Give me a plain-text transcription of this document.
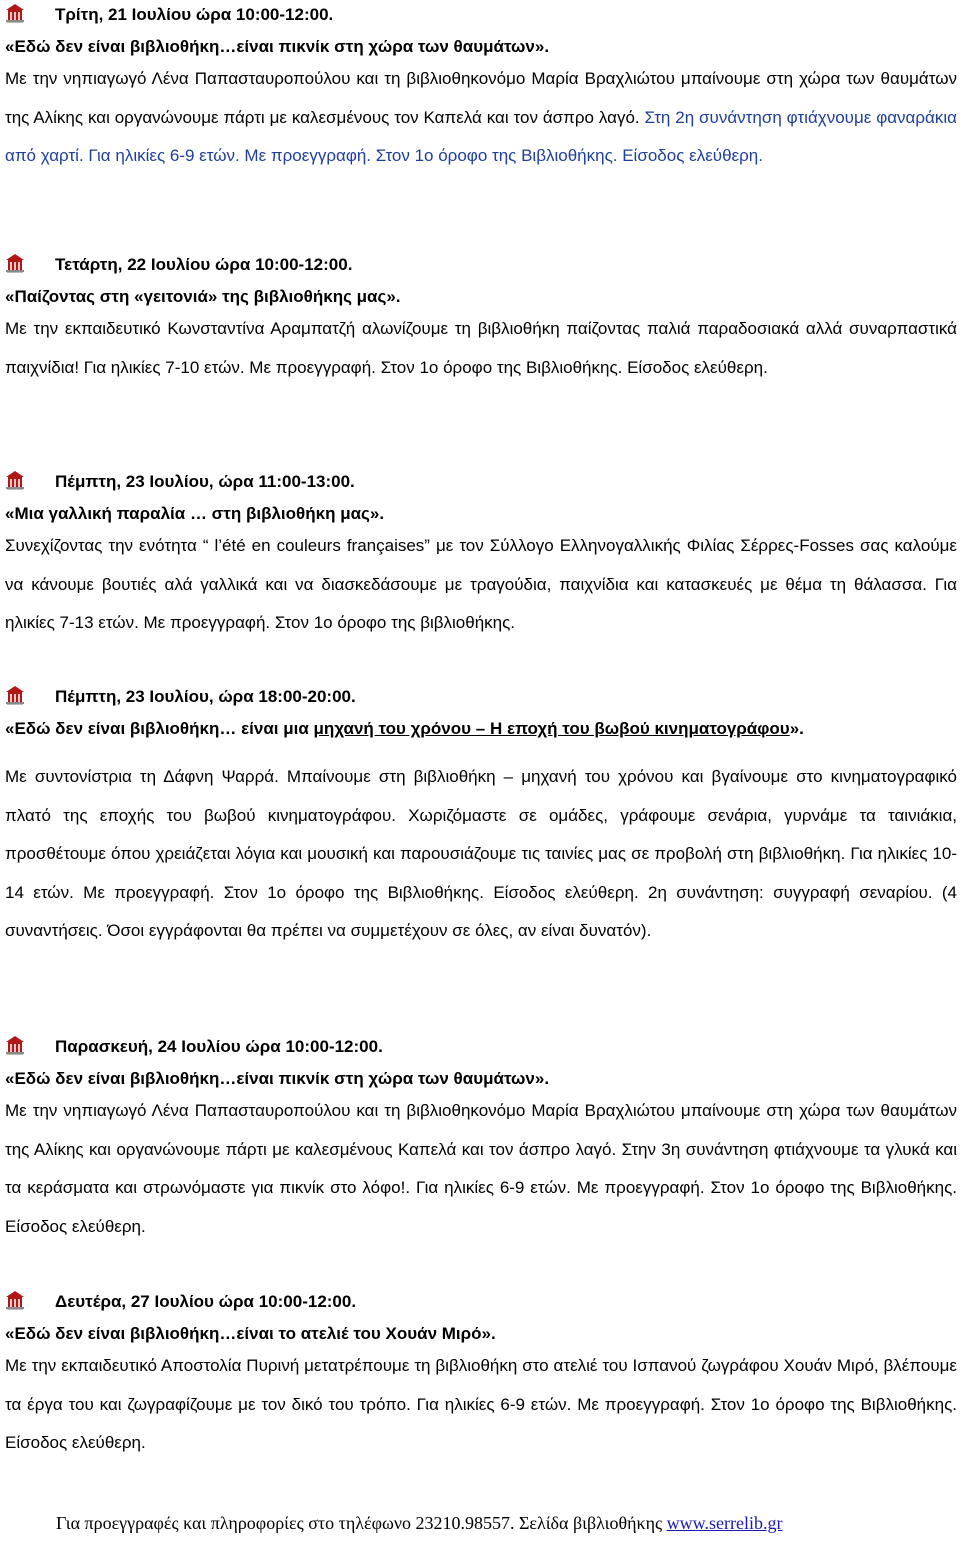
Τρίτη, 21 Ιουλίου ώρα 10:00-12:00.
«Εδώ δεν είναι βιβλιοθήκη…είναι πικνίκ στη χώρα των θαυμάτων».
Με την νηπιαγωγό Λένα Παπασταυροπούλου και τη βιβλιοθηκονόμο Μαρία Βραχλιώτου μπαίνουμε στη χώρα των θαυμάτων της Αλίκης και οργανώνουμε πάρτι με καλεσμένους τον Καπελά και τον άσπρο λαγό. Στη 2η συνάντηση φτιάχνουμε φαναράκια από χαρτί. Για ηλικίες 6-9 ετών. Με προεγγραφή. Στον 1ο όροφο της Βιβλιοθήκης. Είσοδος ελεύθερη.
Τετάρτη, 22 Ιουλίου ώρα 10:00-12:00.
«Παίζοντας στη «γειτονιά» της βιβλιοθήκης μας».
Με την εκπαιδευτικό Κωνσταντίνα Αραμπατζή αλωνίζουμε τη βιβλιοθήκη παίζοντας παλιά παραδοσιακά αλλά συναρπαστικά παιχνίδια! Για ηλικίες 7-10 ετών. Με προεγγραφή. Στον 1ο όροφο της Βιβλιοθήκης. Είσοδος ελεύθερη.
Πέμπτη, 23 Ιουλίου, ώρα 11:00-13:00.
«Μια γαλλική παραλία … στη βιβλιοθήκη μας».
Συνεχίζοντας την ενότητα “ l’été en couleurs françaises” με τον Σύλλογο Ελληνογαλλικής Φιλίας Σέρρες-Fosses σας καλούμε να κάνουμε βουτιές αλά γαλλικά και να διασκεδάσουμε με τραγούδια, παιχνίδια και κατασκευές με θέμα τη θάλασσα. Για ηλικίες 7-13 ετών. Με προεγγραφή. Στον 1ο όροφο της βιβλιοθήκης.
Πέμπτη, 23 Ιουλίου, ώρα 18:00-20:00.
«Εδώ δεν είναι βιβλιοθήκη… είναι μια μηχανή του χρόνου – Η εποχή του βωβού κινηματογράφου».
Με συντονίστρια τη Δάφνη Ψαρρά. Μπαίνουμε στη βιβλιοθήκη – μηχανή του χρόνου και βγαίνουμε στο κινηματογραφικό πλατό της εποχής του βωβού κινηματογράφου. Χωριζόμαστε σε ομάδες, γράφουμε σενάρια, γυρνάμε τα ταινιάκια, προσθέτουμε όπου χρειάζεται λόγια και μουσική και παρουσιάζουμε τις ταινίες μας σε προβολή στη βιβλιοθήκη. Για ηλικίες 10-14 ετών. Με προεγγραφή. Στον 1ο όροφο της Βιβλιοθήκης. Είσοδος ελεύθερη. 2η συνάντηση: συγγραφή σεναρίου. (4 συναντήσεις. Όσοι εγγράφονται θα πρέπει να συμμετέχουν σε όλες, αν είναι δυνατόν).
Παρασκευή, 24 Ιουλίου ώρα 10:00-12:00.
«Εδώ δεν είναι βιβλιοθήκη…είναι πικνίκ στη χώρα των θαυμάτων».
Με την νηπιαγωγό Λένα Παπασταυροπούλου και τη βιβλιοθηκονόμο Μαρία Βραχλιώτου μπαίνουμε στη χώρα των θαυμάτων της Αλίκης και οργανώνουμε πάρτι με καλεσμένους Καπελά και τον άσπρο λαγό. Στην 3η συνάντηση φτιάχνουμε τα γλυκά και τα κεράσματα και στρωνόμαστε για πικνίκ στο λόφο!. Για ηλικίες 6-9 ετών. Με προεγγραφή. Στον 1ο όροφο της Βιβλιοθήκης. Είσοδος ελεύθερη.
Δευτέρα, 27 Ιουλίου ώρα 10:00-12:00.
«Εδώ δεν είναι βιβλιοθήκη…είναι το ατελιέ του Χουάν Μιρό».
Με την εκπαιδευτικό Αποστολία Πυρινή μετατρέπουμε τη βιβλιοθήκη στο ατελιέ του Ισπανού ζωγράφου Χουάν Μιρό, βλέπουμε τα έργα του και ζωγραφίζουμε με τον δικό του τρόπο. Για ηλικίες 6-9 ετών. Με προεγγραφή. Στον 1ο όροφο της Βιβλιοθήκης. Είσοδος ελεύθερη.
Για προεγγραφές και πληροφορίες στο τηλέφωνο 23210.98557. Σελίδα βιβλιοθήκης www.serrelib.gr
